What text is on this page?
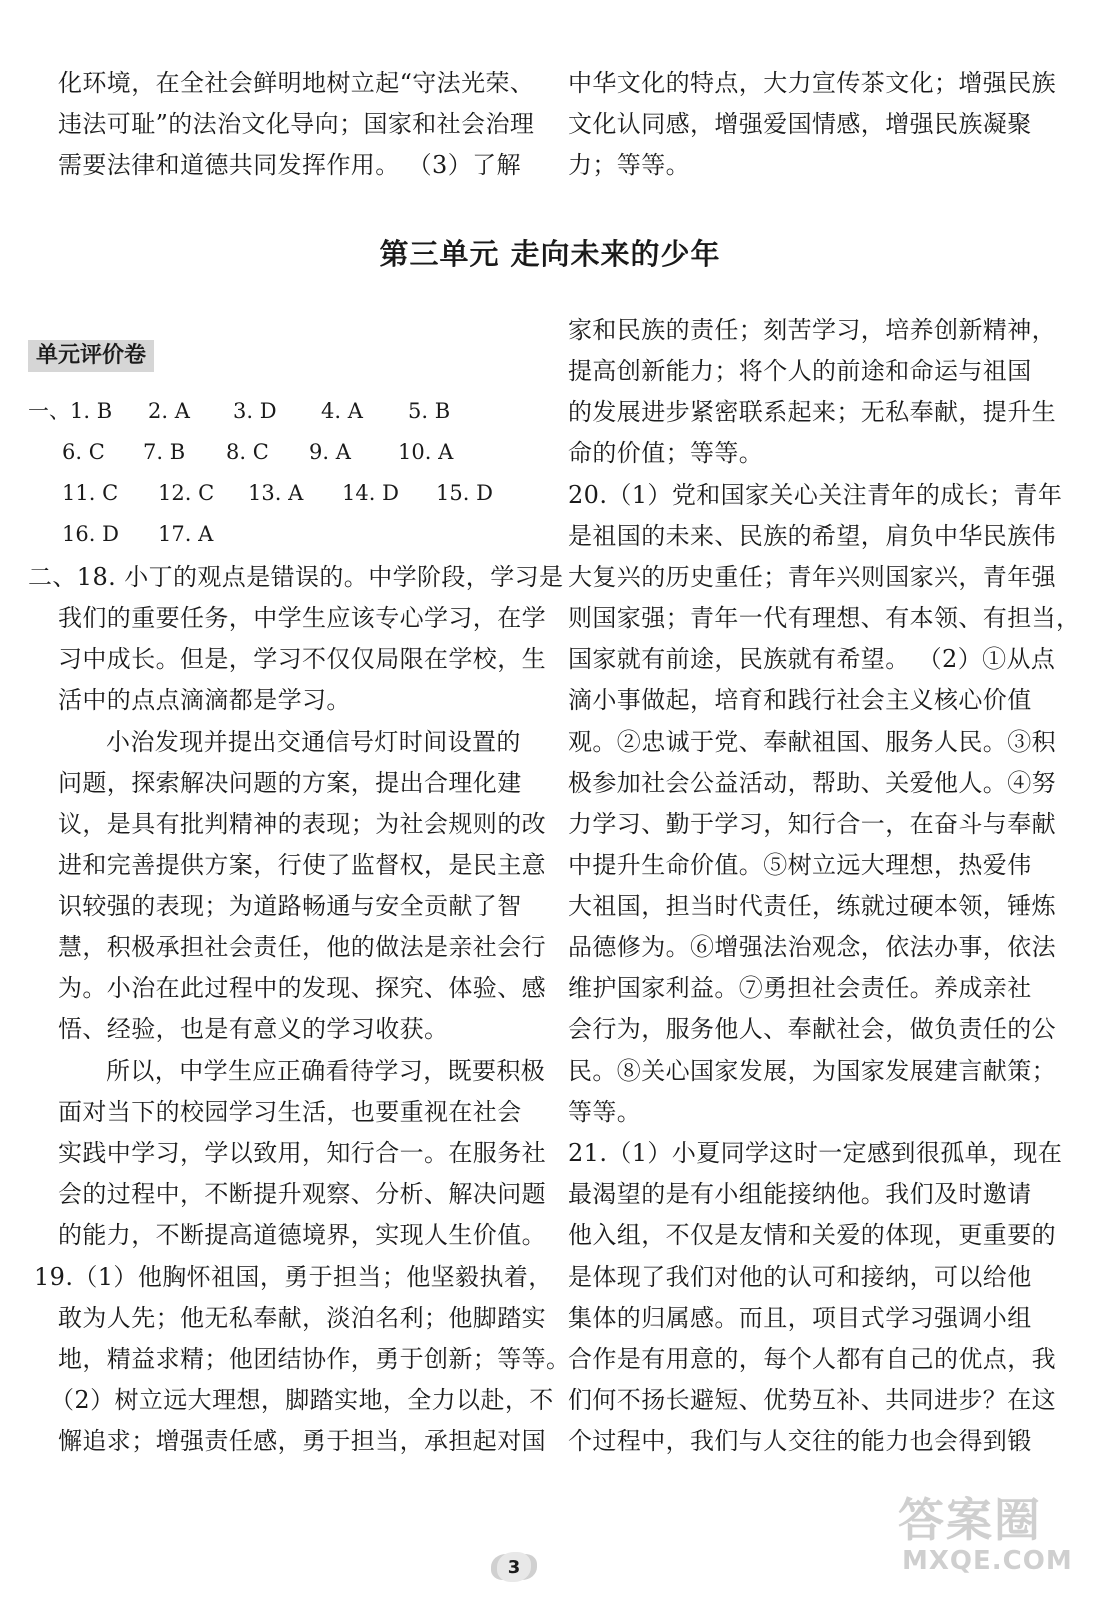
化环境，在全社会鲜明地树立起“守法光荣、
违法可耻”的法治文化导向；国家和社会治理
需要法律和道德共同发挥作用。 （3）了解
中华文化的特点，大力宣传茶文化；增强民族
文化认同感，增强爱国情感，增强民族凝聚
力；等等。
第三单元 走向未来的少年
单元评价卷
一、1. B 2. A 3. D 4. A 5. B
6. C 7. B 8. C 9. A 10. A
11. C 12. C 13. A 14. D 15. D
16. D 17. A
二、18. 小丁的观点是错误的。中学阶段，学习是
我们的重要任务，中学生应该专心学习，在学
习中成长。但是，学习不仅仅局限在学校，生
活中的点点滴滴都是学习。
小治发现并提出交通信号灯时间设置的
问题，探索解决问题的方案，提出合理化建
议，是具有批判精神的表现；为社会规则的改
进和完善提供方案，行使了监督权，是民主意
识较强的表现；为道路畅通与安全贡献了智
慧，积极承担社会责任，他的做法是亲社会行
为。小治在此过程中的发现、探究、体验、感
悟、经验，也是有意义的学习收获。
所以，中学生应正确看待学习，既要积极
面对当下的校园学习生活，也要重视在社会
实践中学习，学以致用，知行合一。在服务社
会的过程中，不断提升观察、分析、解决问题
的能力，不断提高道德境界，实现人生价值。
19.（1）他胸怀祖国，勇于担当；他坚毅执着，
敢为人先；他无私奉献，淡泊名利；他脚踏实
地，精益求精；他团结协作，勇于创新；等等。
（2）树立远大理想，脚踏实地，全力以赴，不
懈追求；增强责任感，勇于担当，承担起对国
家和民族的责任；刻苦学习，培养创新精神，
提高创新能力；将个人的前途和命运与祖国
的发展进步紧密联系起来；无私奉献，提升生
命的价值；等等。
20.（1）党和国家关心关注青年的成长；青年
是祖国的未来、民族的希望，肩负中华民族伟
大复兴的历史重任；青年兴则国家兴，青年强
则国家强；青年一代有理想、有本领、有担当，
国家就有前途，民族就有希望。 （2）①从点
滴小事做起，培育和践行社会主义核心价值
观。②忠诚于党、奉献祖国、服务人民。③积
极参加社会公益活动，帮助、关爱他人。④努
力学习、勤于学习，知行合一，在奋斗与奉献
中提升生命价值。⑤树立远大理想，热爱伟
大祖国，担当时代责任，练就过硬本领，锤炼
品德修为。⑥增强法治观念，依法办事，依法
维护国家利益。⑦勇担社会责任。养成亲社
会行为，服务他人、奉献社会，做负责任的公
民。⑧关心国家发展，为国家发展建言献策；
等等。
21.（1）小夏同学这时一定感到很孤单，现在
最渴望的是有小组能接纳他。我们及时邀请
他入组，不仅是友情和关爱的体现，更重要的
是体现了我们对他的认可和接纳，可以给他
集体的归属感。而且，项目式学习强调小组
合作是有用意的，每个人都有自己的优点，我
们何不扬长避短、优势互补、共同进步？在这
个过程中，我们与人交往的能力也会得到锻
3
答案圈
MXQE.COM
